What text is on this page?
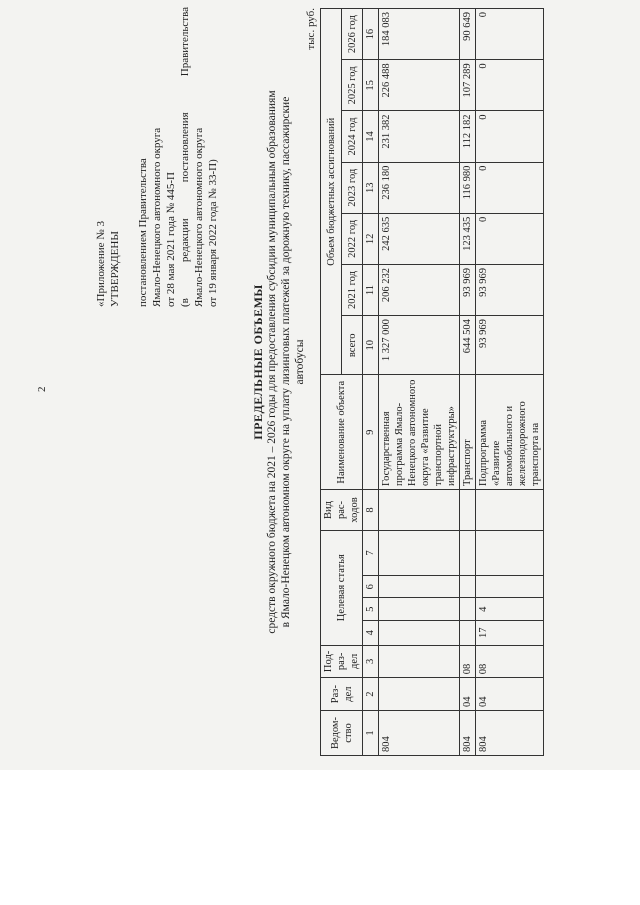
2
«Приложение № 3 УТВЕРЖДЕНЫ постановлением Правительства Ямало-Ненецкого автономного округа от 28 мая 2021 года № 445-П (в редакции постановления Правительства Ямало-Ненецкого автономного округа от 19 января 2022 года № 33-П)
ПРЕДЕЛЬНЫЕ ОБЪЕМЫ средств окружного бюджета на 2021 – 2026 годы для предоставления субсидии муниципальным образованиям в Ямало-Ненецком автономном округе на уплату лизинговых платежей за дорожную технику, пассажирские автобусы
тыс. руб.
Ведом-ство	Раз-дел	Под-раз-дел	Целевая статья				Вид рас-ходов	Наименование объекта	Объем бюджетных ассигнований						
									всего	2021 год	2022 год	2023 год	2024 год	2025 год	2026 год
1	2	3	4	5	6	7	8	9	10	11	12	13	14	15	16
804								Государственная программа Ямало-Ненецкого автономного округа «Развитие транспортной инфраструктуры»	1 327 000	206 232	242 635	236 180	231 382	226 488	184 083
804	04	08						Транспорт	644 504	93 969	123 435	116 980	112 182	107 289	90 649
804	04	08	17	4				Подпрограмма «Развитие автомобильного и железнодорожного транспорта на	93 969	93 969	0	0	0	0	0
